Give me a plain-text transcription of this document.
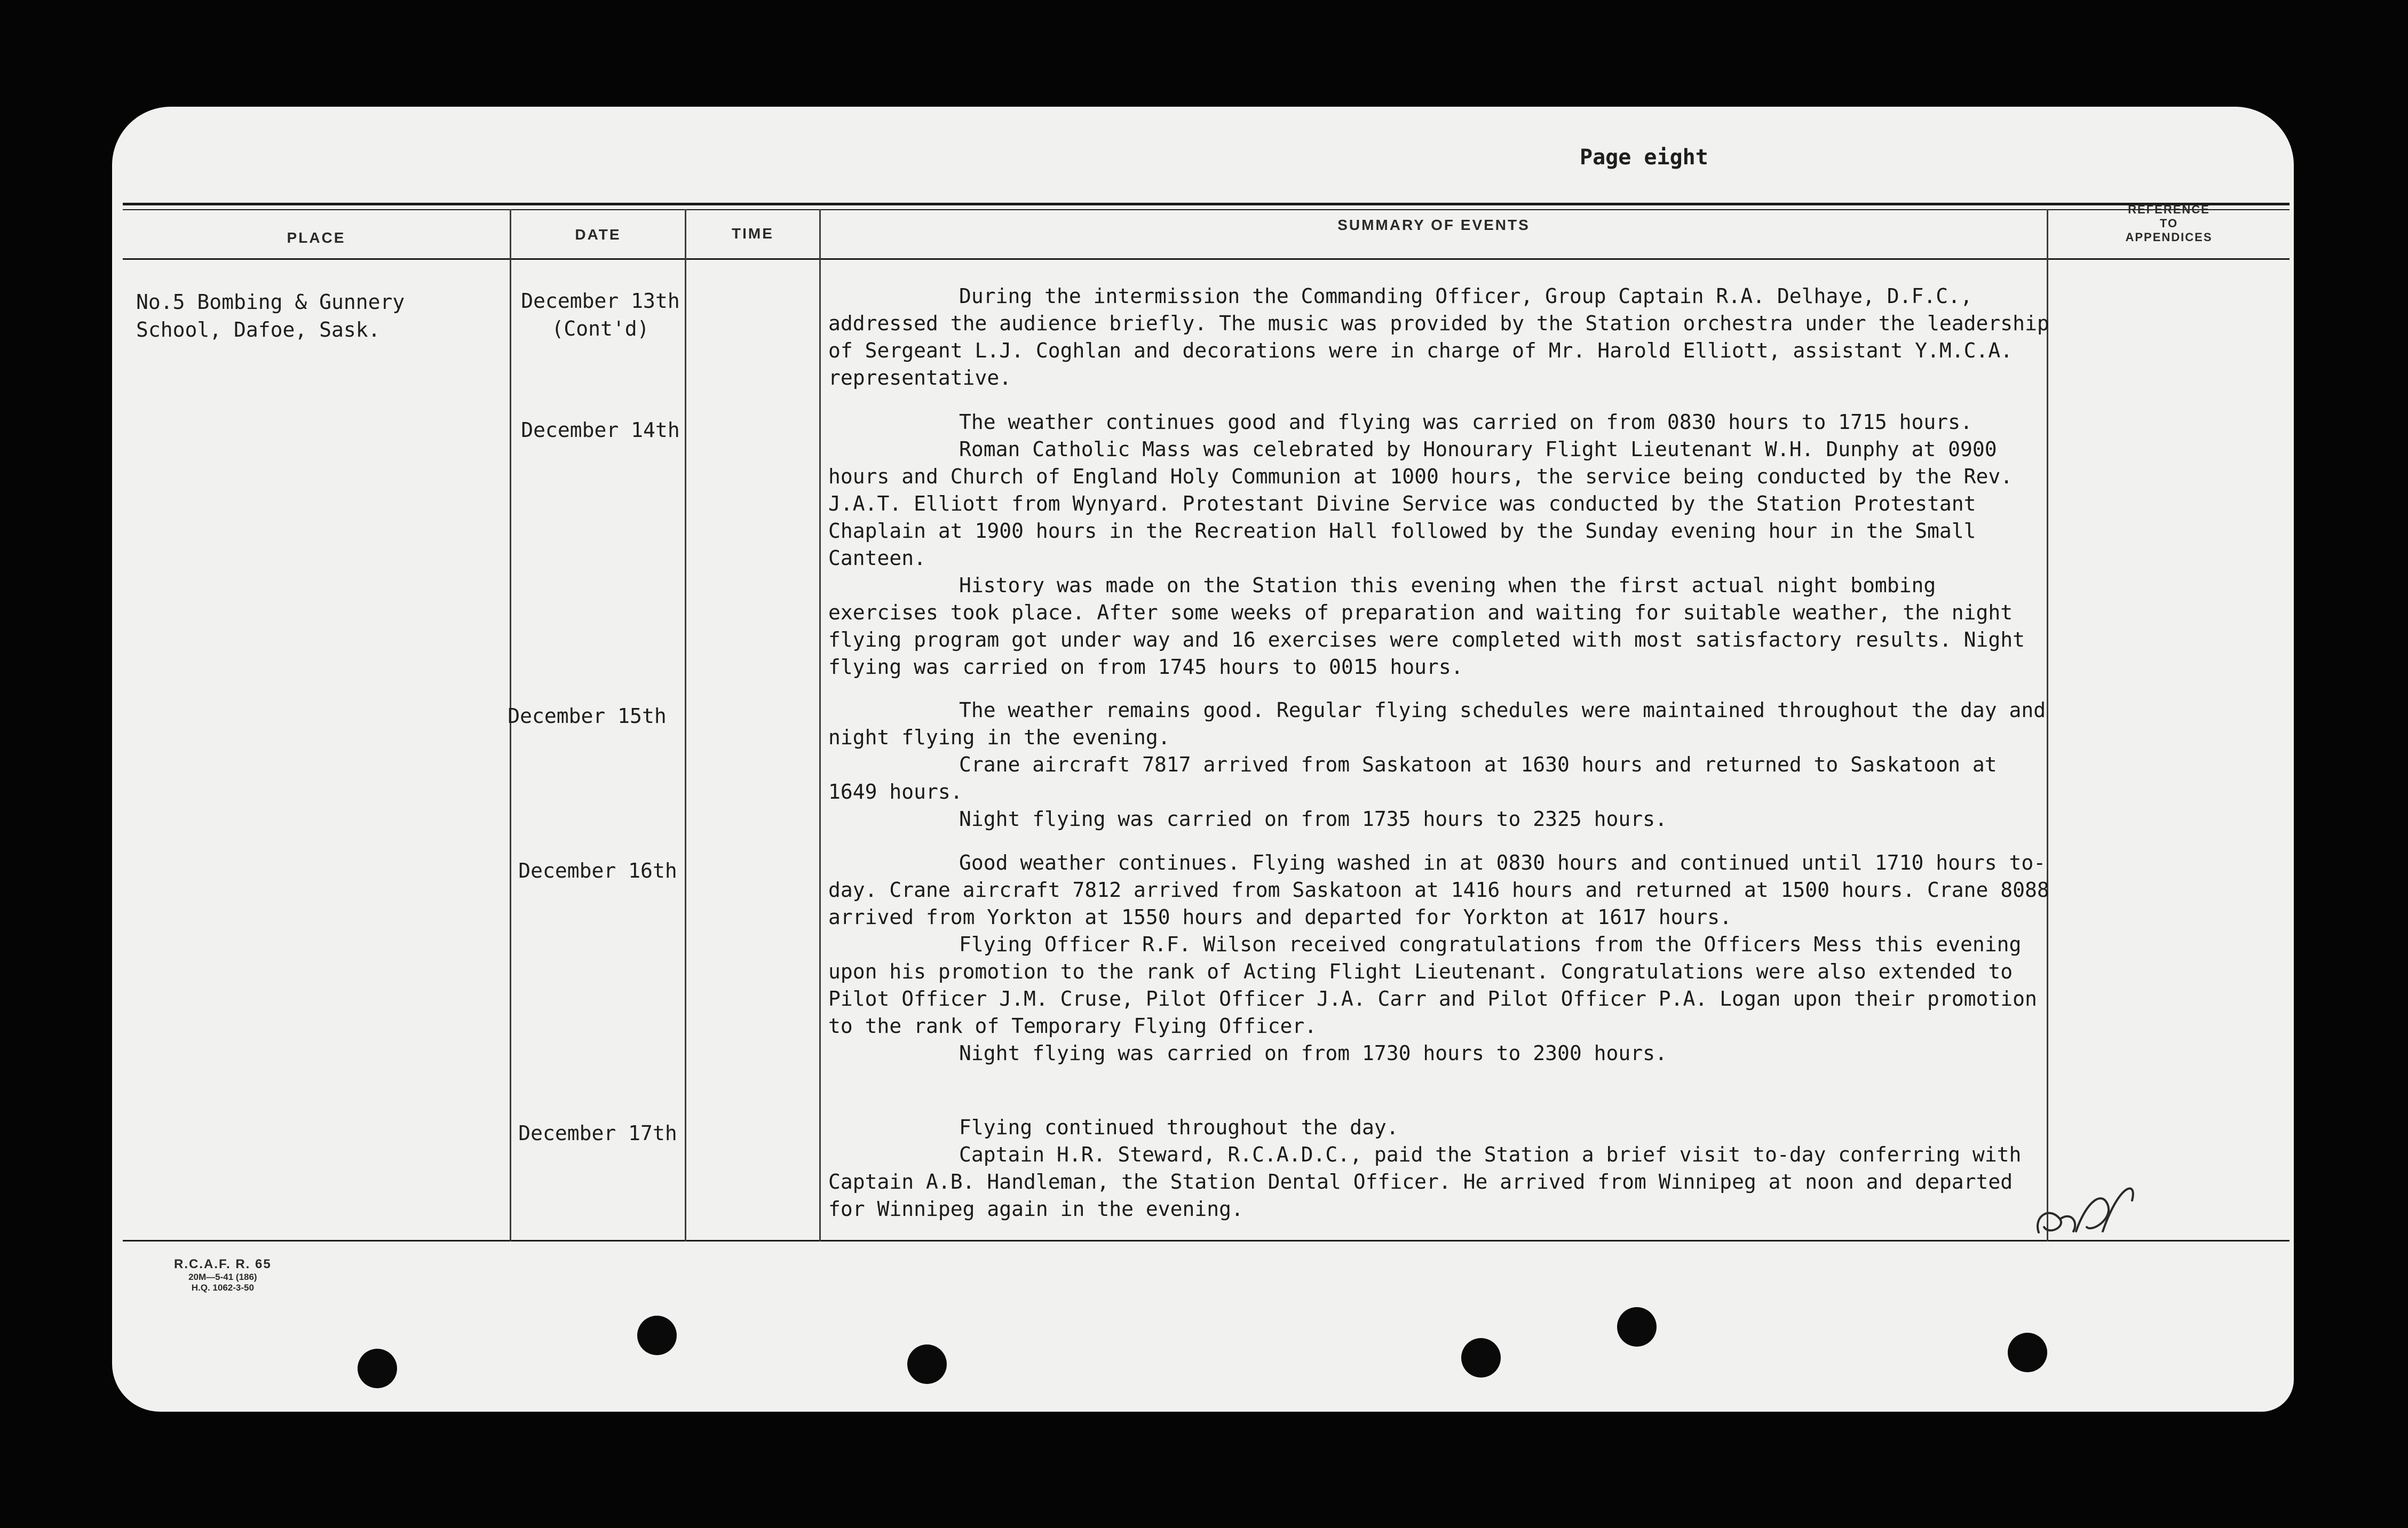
Page eight
PLACE	DATE	TIME
SUMMARY OF EVENTS
REFERENCE
TO
APPENDICES
No.5 Bombing & Gunnery
School, Dafoe, Sask.
December 13th
(Cont'd)
December 14th
December 15th
December 16th
December 17th

During the intermission the Commanding Officer, Group Captain R.A. Delhaye, D.F.C., addressed the audience briefly. The music was provided by the Station orchestra under the leadership of Sergeant L.J. Coghlan and decorations were in charge of Mr. Harold Elliott, assistant Y.M.C.A. representative.

The weather continues good and flying was carried on from 0830 hours to 1715 hours.

Roman Catholic Mass was celebrated by Honourary Flight Lieutenant W.H. Dunphy at 0900 hours and Church of England Holy Communion at 1000 hours, the service being conducted by the Rev. J.A.T. Elliott from Wynyard. Protestant Divine Service was conducted by the Station Protestant Chaplain at 1900 hours in the Recreation Hall followed by the Sunday evening hour in the Small Canteen.

History was made on the Station this evening when the first actual night bombing exercises took place. After some weeks of preparation and waiting for suitable weather, the night flying program got under way and 16 exercises were completed with most satisfactory results. Night flying was carried on from 1745 hours to 0015 hours.

The weather remains good. Regular flying schedules were maintained throughout the day and night flying in the evening.

Crane aircraft 7817 arrived from Saskatoon at 1630 hours and returned to Saskatoon at 1649 hours.

Night flying was carried on from 1735 hours to 2325 hours.

Good weather continues. Flying washed in at 0830 hours and continued until 1710 hours to-day. Crane aircraft 7812 arrived from Saskatoon at 1416 hours and returned at 1500 hours. Crane 8088 arrived from Yorkton at 1550 hours and departed for Yorkton at 1617 hours.

Flying Officer R.F. Wilson received congratulations from the Officers Mess this evening upon his promotion to the rank of Acting Flight Lieutenant. Congratulations were also extended to Pilot Officer J.M. Cruse, Pilot Officer J.A. Carr and Pilot Officer P.A. Logan upon their promotion to the rank of Temporary Flying Officer.

Night flying was carried on from 1730 hours to 2300 hours.

Flying continued throughout the day.

Captain H.R. Steward, R.C.A.D.C., paid the Station a brief visit to-day conferring with Captain A.B. Handleman, the Station Dental Officer. He arrived from Winnipeg at noon and departed for Winnipeg again in the evening.

R.C.A.F. R. 65
20M—5-41 (186)
H.Q. 1062-3-50
